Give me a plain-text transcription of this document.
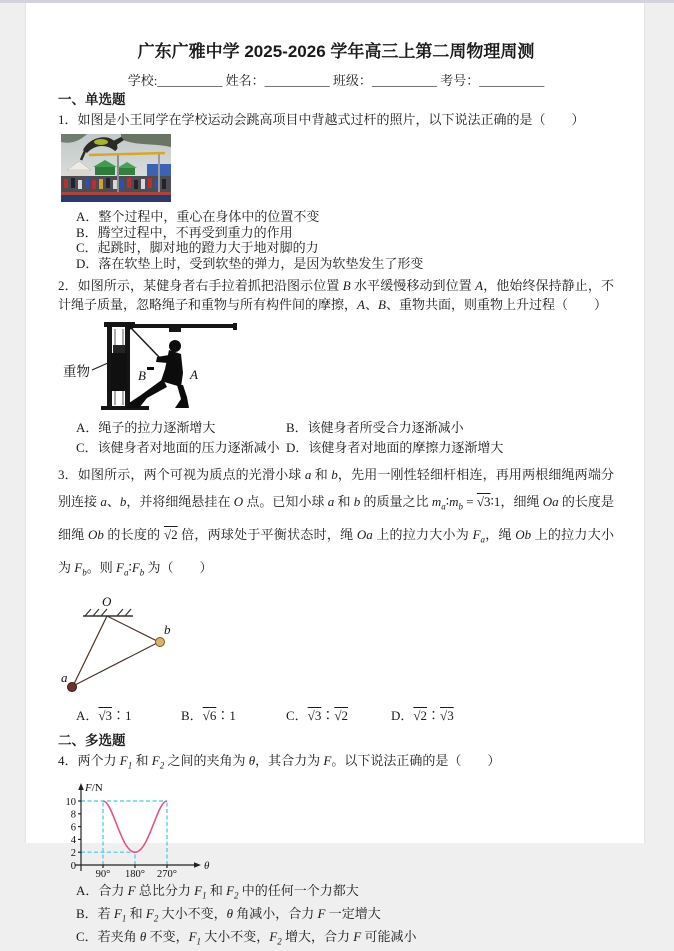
广东广雅中学 2025-2026 学年高三上第二周物理周测
学校:__________ 姓名：__________ 班级：__________ 考号：__________
一、单选题
1．如图是小王同学在学校运动会跳高项目中背越式过杆的照片，以下说法正确的是（　　）
A．整个过程中，重心在身体中的位置不变
B．腾空过程中，不再受到重力的作用
C．起跳时，脚对地的蹬力大于地对脚的力
D．落在软垫上时，受到软垫的弹力，是因为软垫发生了形变
2．如图所示，某健身者右手拉着抓把沿图示位置 B 水平缓慢移动到位置 A，他始终保持静止，不计绳子质量，忽略绳子和重物与所有构件间的摩擦，A、B、重物共面，则重物上升过程（　　）
重物	B	A
A．绳子的拉力逐渐增大	B．该健身者所受合力逐渐减小
C．该健身者对地面的压力逐渐减小 D．该健身者对地面的摩擦力逐渐增大
3．如图所示，两个可视为质点的光滑小球 a 和 b，先用一刚性轻细杆相连，再用两根细绳两端分别连接 a、b，并将细绳悬挂在 O 点。已知小球 a 和 b 的质量之比 $m_a∶m_b$ = √ 3∶1，细绳 Oa 的长度是细绳 Ob 的长度的 √ 2 倍，两球处于平衡状态时，绳 Oa 上的拉力大小为 $F_a$，绳 Ob 上的拉力大小为 $F_b$。则 $F_a∶F_b$ 为（　　）
O
a
b
A． √ 3∶1	B． √ 6∶1	C． √ 3∶ √ 2	D． √ 2∶ √ 3
二、多选题
4．两个力 $F_1$ 和 $F_2$ 之间的夹角为 θ，其合力为 F。以下说法正确的是（　　）
F/N
θ
0
2
4
6
8
10
90° 180° 270°
A．合力 F 总比分力 $F_1$ 和 $F_2$ 中的任何一个力都大
B．若 $F_1$ 和 $F_2$ 大小不变，θ 角减小，合力 F 一定增大
C．若夹角 θ 不变，$F_1$ 大小不变，$F_2$ 增大，合力 F 可能减小
